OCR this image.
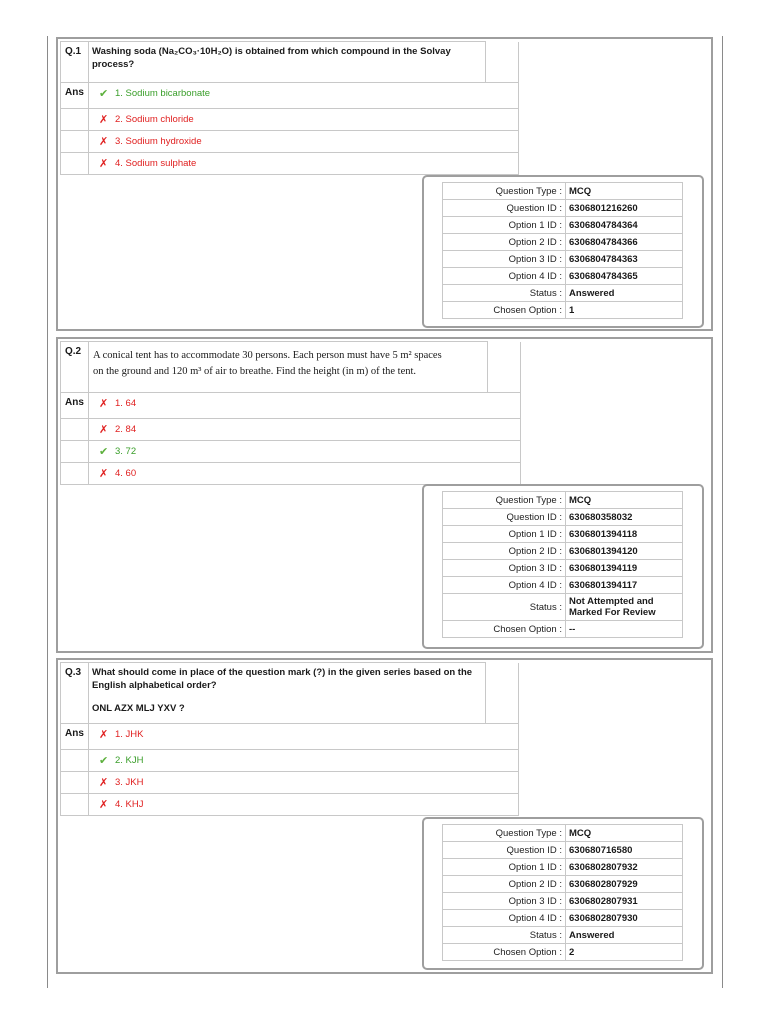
Q.1	Washing soda (Na₂CO₃·10H₂O) is obtained from which compound in the Solvay
process?	

Ans	✔ 1. Sodium bicarbonate	
	✗ 2. Sodium chloride	
	✗ 3. Sodium hydroxide	
	✗ 4. Sodium sulphate	
Question Type :	MCQ
Question ID :	6306801216260
Option 1 ID :	6306804784364
Option 2 ID :	6306804784366
Option 3 ID :	6306804784363
Option 4 ID :	6306804784365
Status :	Answered
Chosen Option :	1
Q.2	A conical tent has to accommodate 30 persons. Each person must have 5 m² spaces
on the ground and 120 m³ of air to breathe. Find the height (in m) of the tent.	

Ans	✗ 1. 64	
	✗ 2. 84	
	✔ 3. 72	
	✗ 4. 60	
Question Type :	MCQ
Question ID :	630680358032
Option 1 ID :	6306801394118
Option 2 ID :	6306801394120
Option 3 ID :	6306801394119
Option 4 ID :	6306801394117
Status :	Not Attempted and Marked For Review
Chosen Option :	--
Q.3	What should come in place of the question mark (?) in the given series based on the
English alphabetical order?
ONL AZX MLJ YXV ?	

Ans	✗ 1. JHK	
	✔ 2. KJH	
	✗ 3. JKH	
	✗ 4. KHJ	
Question Type :	MCQ
Question ID :	630680716580
Option 1 ID :	6306802807932
Option 2 ID :	6306802807929
Option 3 ID :	6306802807931
Option 4 ID :	6306802807930
Status :	Answered
Chosen Option :	2
